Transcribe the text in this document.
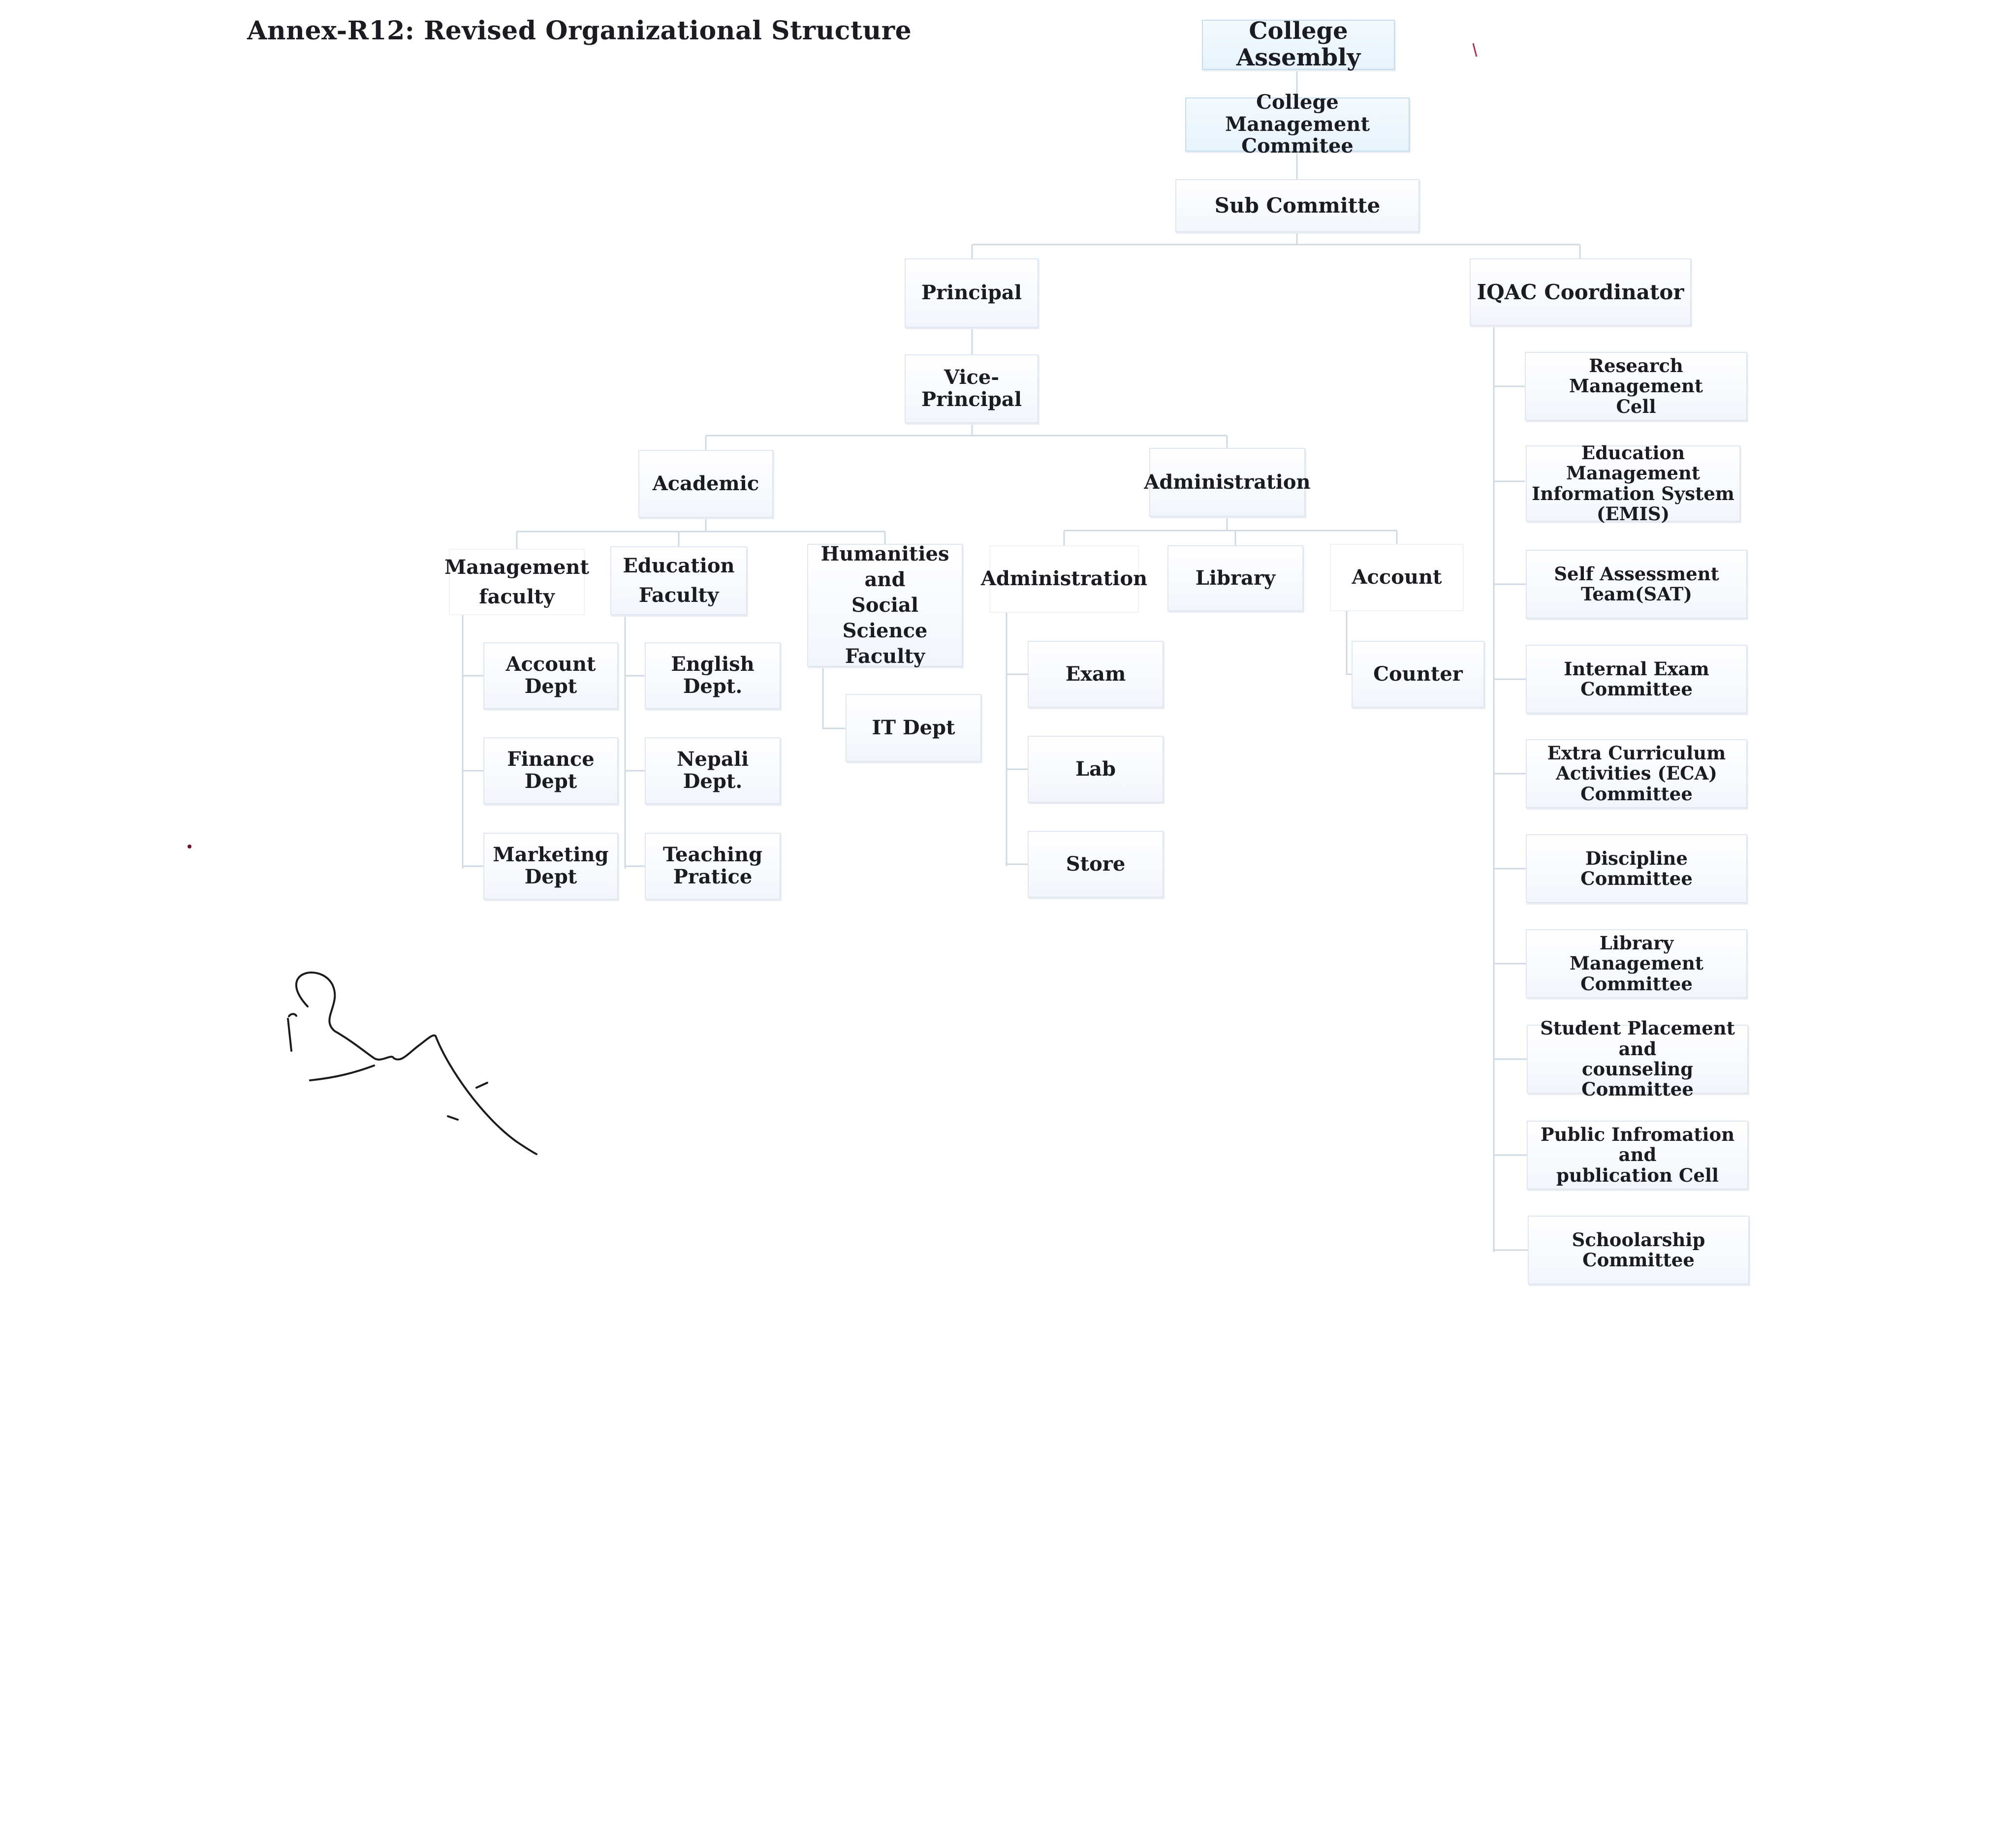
Annex-R12: Revised Organizational Structure	College
Assembly
College Management
Commitee
Sub Committe
Principal	IQAC Coordinator
Vice-
Principal
Academic	Administration
Management
faculty
Education
Faculty
Humanities and
Social Science
Faculty
Administration Library	Account
Account Dept
Finance Dept
Marketing
Dept
English Dept.
Nepali Dept.
Teaching
Pratice
IT Dept
Exam
Lab
Store
Counter
Research Management
Cell
Education Management
Information System
(EMIS)
Self Assessment
Team(SAT)
Internal Exam
Committee
Extra Curriculum
Activities (ECA)
Committee
Discipline Committee
Library Management
Committee
Student Placement and
counseling Committee
Public Infromation and
publication Cell
Schoolarship Committee
